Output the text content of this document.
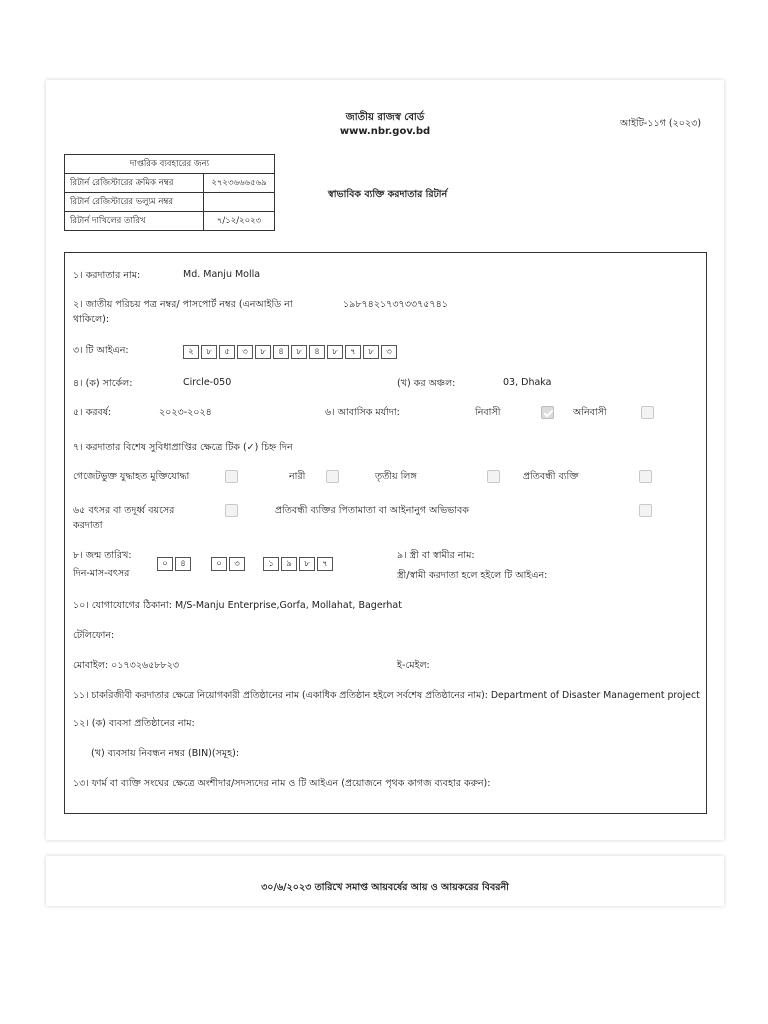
জাতীয় রাজস্ব বোর্ড
www.nbr.gov.bd
আইটি-১১গ (২০২৩)
দাপ্তরিক ব্যবহারের জন্য	
রিটার্ন রেজিস্টারের ক্রমিক নম্বর	২৭২৩৬৬৬৫৬৯
রিটার্ন রেজিস্টারের ভল্যুম নম্বর	
রিটার্ন দাখিলের তারিখ	৭/১২/২০২৩
স্বাভাবিক ব্যক্তি করদাতার রিটার্ন
১। করদাতার নাম:	Md. Manju Molla
২। জাতীয় পরিচয় পত্র নম্বর/ পাসপোর্ট নম্বর (এনআইডি না
থাকিলে):
১৯৮৭৪২১৭৩৭৩৩৭৫৭৪১
৩। টি আইএন:	২	৮	৫	৩	৮	৪	৮	৪	৮	৭	৮	৩
৪। (ক) সার্কেল:	Circle-050	(খ) কর অঞ্চল:	03, Dhaka
৫। করবর্ষ:	২০২৩-২০২৪	৬। আবাসিক মর্যাদা:	নিবাসী	অনিবাসী
৭। করদাতার বিশেষ সুবিধাপ্রাপ্তির ক্ষেত্রে টিক (✓) চিহ্ন দিন
গেজেটভুক্ত যুদ্ধাহত মুক্তিযোদ্ধা	নারী	তৃতীয় লিঙ্গ	প্রতিবন্ধী ব্যক্তি
৬৫ বৎসর বা তদূর্ধ্ব বয়সের
করদাতা
প্রতিবন্ধী ব্যক্তির পিতামাতা বা আইনানুগ অভিভাবক
৮। জন্ম তারিখ:
দিন-মাস-বৎসর
০	৪	০	৩	১	৯	৮	৭
৯। স্ত্রী বা স্বামীর নাম:
স্ত্রী/স্বামী করদাতা হলে হইলে টি আইএন:
১০। যোগাযোগের ঠিকানা: M/S-Manju Enterprise,Gorfa, Mollahat, Bagerhat
টেলিফোন:
মোবাইল: ০১৭৩২৬৫৮৮২৩	ই-মেইল:
১১। চাকরিজীবী করদাতার ক্ষেত্রে নিয়োগকারী প্রতিষ্ঠানের নাম (একাধিক প্রতিষ্ঠান হইলে সর্বশেষ প্রতিষ্ঠানের নাম): Department of Disaster Management project
১২। (ক) ব্যবসা প্রতিষ্ঠানের নাম:
(খ) ব্যবসায় নিবন্ধন নম্বর (BIN)(সমূহ):
১৩। ফার্ম বা ব্যক্তি সংঘের ক্ষেত্রে অংশীদার/সদস্যদের নাম ও টি আইএন (প্রয়োজনে পৃথক কাগজ ব্যবহার করুন):
৩০/৬/২০২৩ তারিখে সমাপ্ত আয়বর্ষের আয় ও আয়করের বিবরনী
